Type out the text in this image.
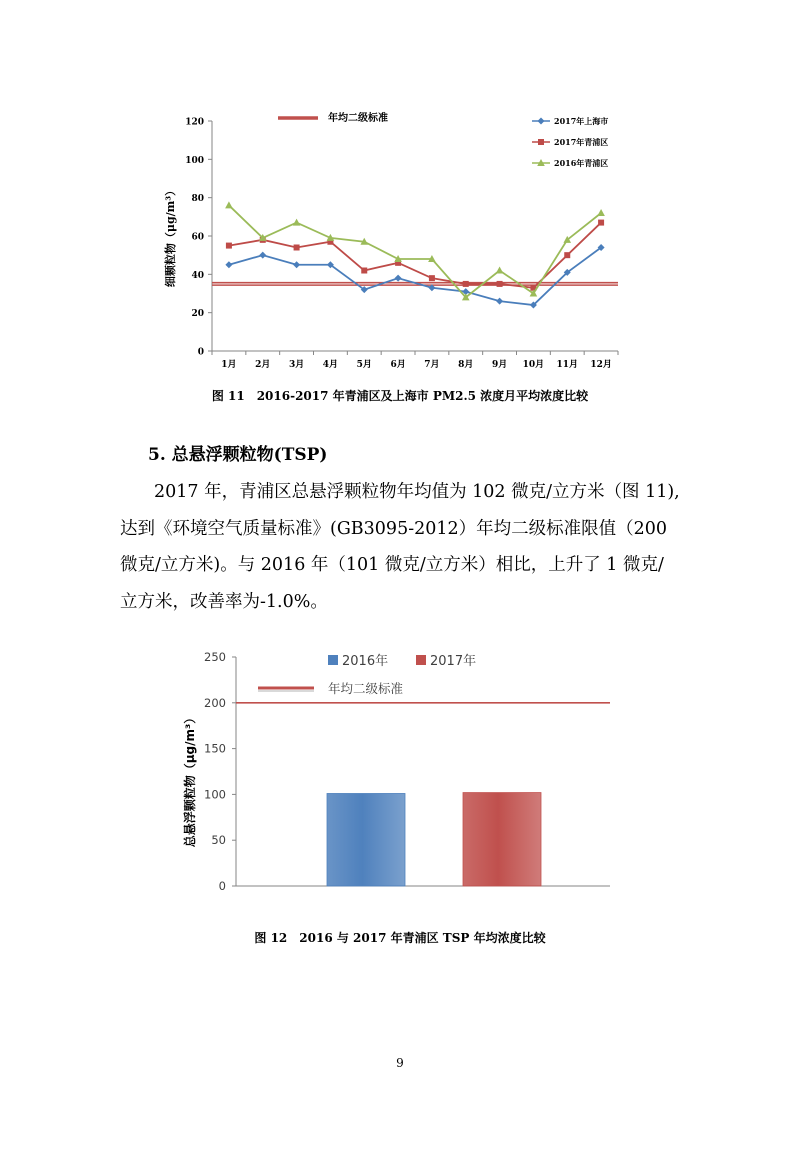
0
20
40
60
80
100
120
1月 2月 3月 4月 5月 6月 7月 8月 9月 10月 11月 12月
细颗粒物（μg/m³）
年均二级标准	2017年上海市
2017年青浦区
2016年青浦区
图 11　2016-2017 年青浦区及上海市 PM2.5 浓度月平均浓度比较
5. 总悬浮颗粒物(TSP)
2017 年，青浦区总悬浮颗粒物年均值为 102 微克/立方米（图 11),
达到《环境空气质量标准》(GB3095-2012）年均二级标准限值（200
微克/立方米)。与 2016 年（101 微克/立方米）相比，上升了 1 微克/
立方米，改善率为-1.0%。
0
50
100
150
200
250
总悬浮颗粒物（μg/m³）
年均二级标准
2016年	2017年
图 12　2016 与 2017 年青浦区 TSP 年均浓度比较
9
